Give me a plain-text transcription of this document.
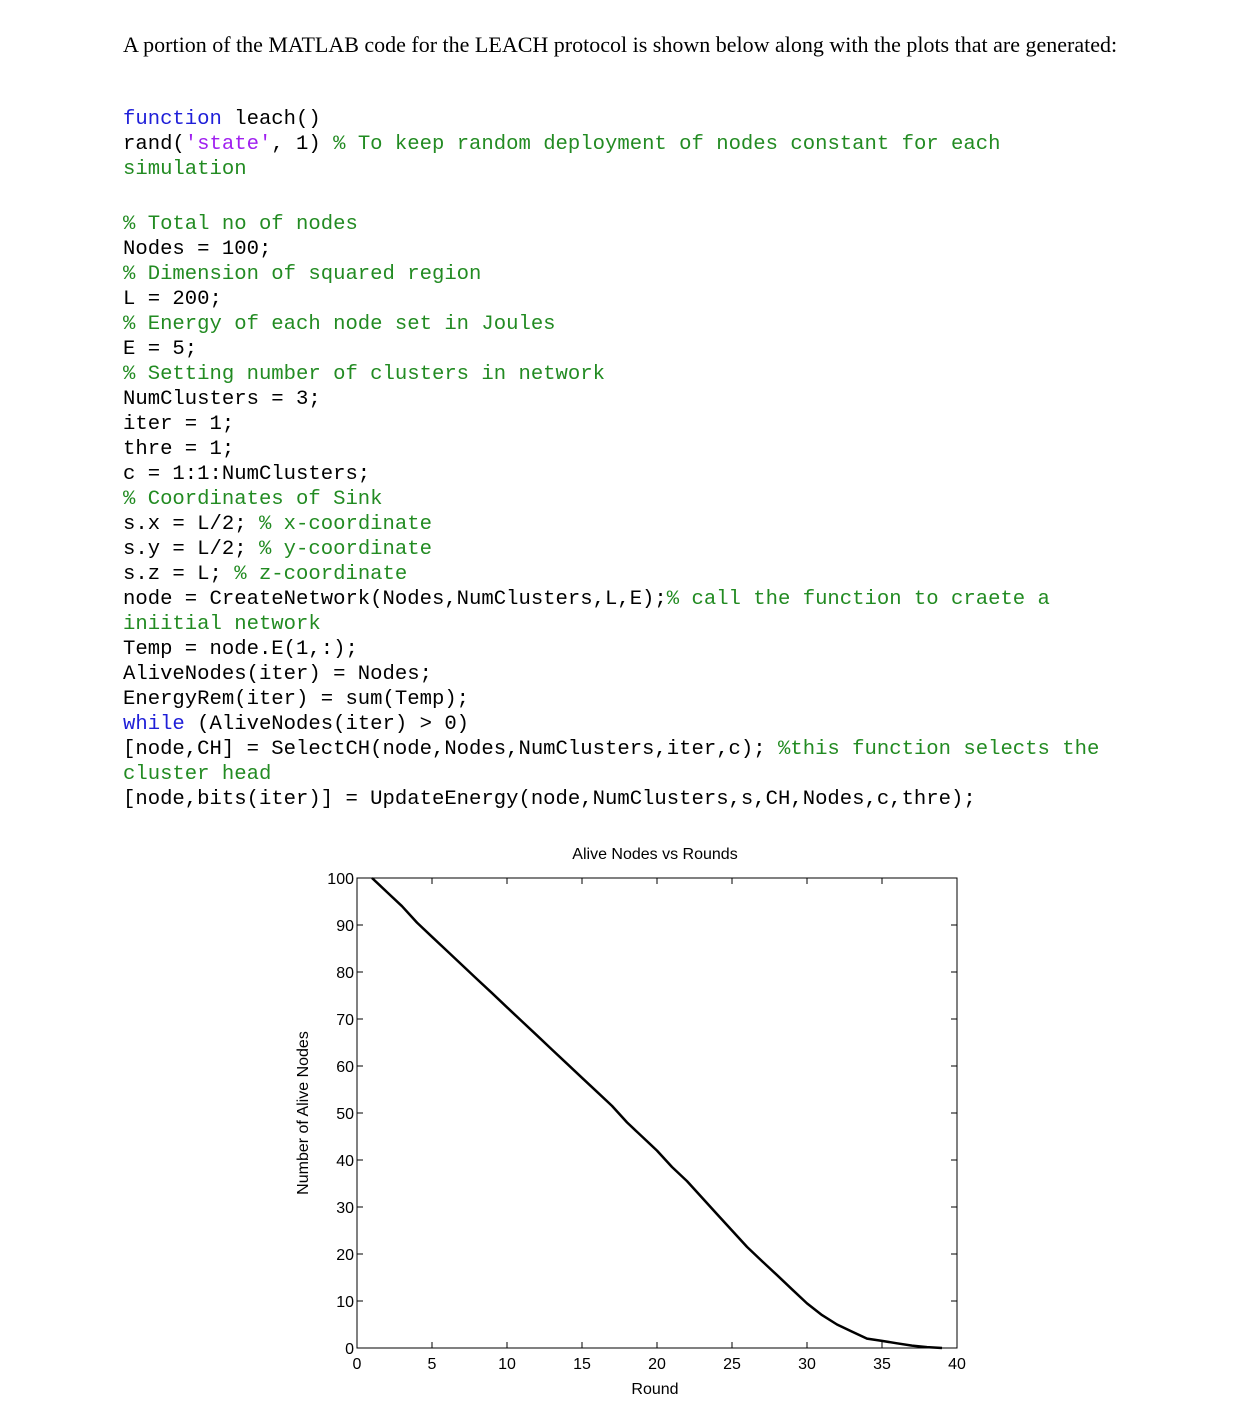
A portion of the MATLAB code for the LEACH protocol is shown below along with the plots that are generated:
function leach()
rand('state', 1) % To keep random deployment of nodes constant for each simulation
% Total no of nodes
Nodes = 100;
% Dimension of squared region
L = 200;
% Energy of each node set in Joules
E = 5;
% Setting number of clusters in network
NumClusters = 3;
iter = 1;
thre = 1;
c = 1:1:NumClusters;
% Coordinates of Sink
s.x = L/2; % x-coordinate
s.y = L/2; % y-coordinate
s.z = L; % z-coordinate
node = CreateNetwork(Nodes,NumClusters,L,E);% call the function to craete a iniitial network
Temp = node.E(1,:);
AliveNodes(iter) = Nodes;
EnergyRem(iter) = sum(Temp);
while (AliveNodes(iter) > 0)
[node,CH] = SelectCH(node,Nodes,NumClusters,iter,c); %this function selects the cluster head
[node,bits(iter)] = UpdateEnergy(node,NumClusters,s,CH,Nodes,c,thre);
Alive Nodes vs Rounds
Round
Number of Alive Nodes
0	5	10	15	20	25	30	35	40
0
10
20
30
40
50
60
70
80
90
100
